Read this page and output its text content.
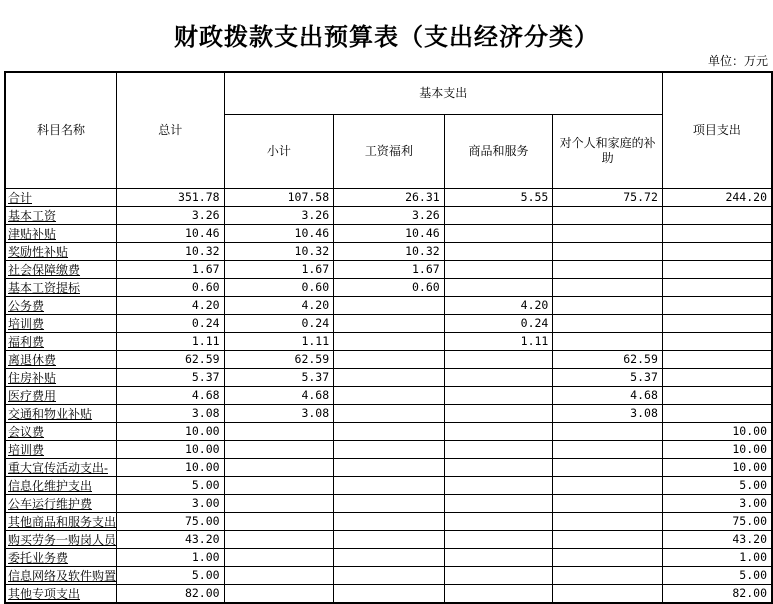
财政拨款支出预算表（支出经济分类）
单位：万元
科目名称	总计	基本支出				项目支出
		小计	工资福利	商品和服务	对个人和家庭的补助	
合计	351.78	107.58	26.31	5.55	75.72	244.20
基本工资	3.26	3.26	3.26			
津贴补贴	10.46	10.46	10.46			
奖励性补贴	10.32	10.32	10.32			
社会保障缴费	1.67	1.67	1.67			
基本工资提标	0.60	0.60	0.60			
公务费	4.20	4.20		4.20		
培训费	0.24	0.24		0.24		
福利费	1.11	1.11		1.11		
离退休费	62.59	62.59			62.59	
住房补贴	5.37	5.37			5.37	
医疗费用	4.68	4.68			4.68	
交通和物业补贴	3.08	3.08			3.08	
会议费	10.00					10.00
培训费	10.00					10.00
重大宣传活动支出-	10.00					10.00
信息化维护支出	5.00					5.00
公车运行维护费	3.00					3.00
其他商品和服务支出	75.00					75.00
购买劳务一购岗人员	43.20					43.20
委托业务费	1.00					1.00
信息网络及软件购置	5.00					5.00
其他专项支出	82.00					82.00
